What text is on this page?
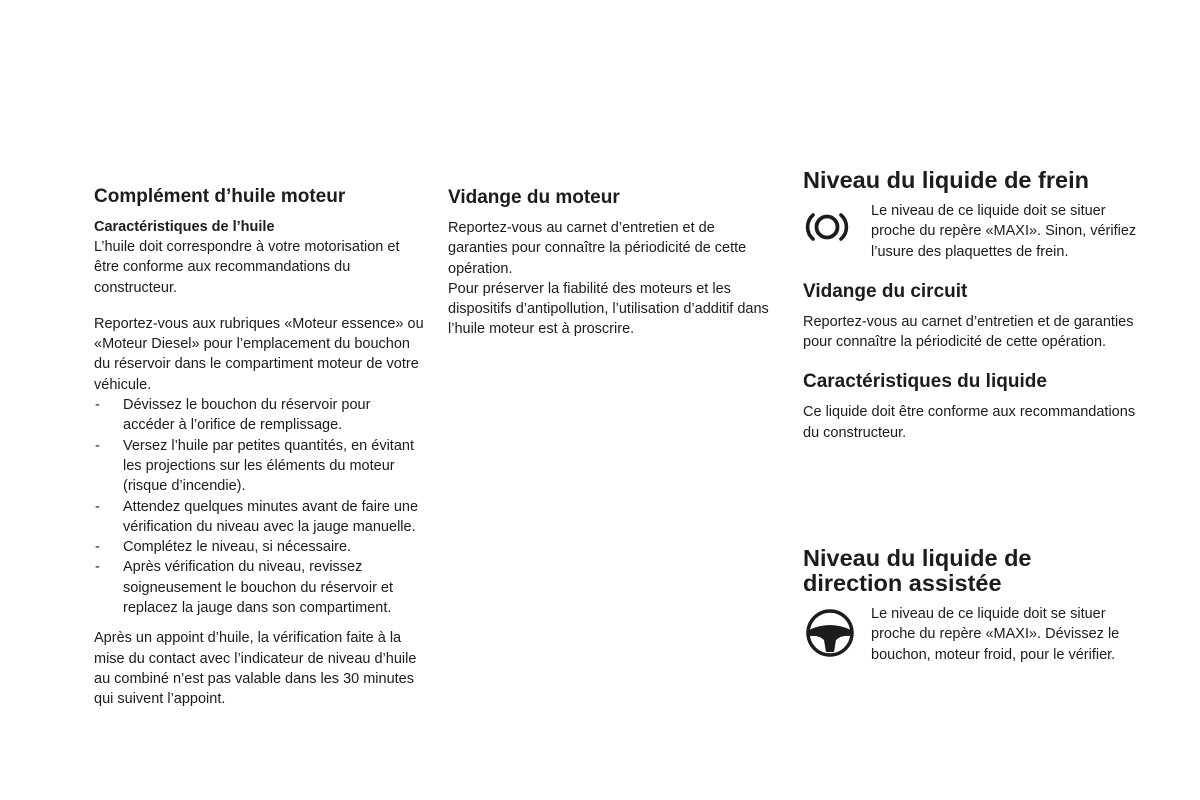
Complément d’huile moteur

Caractéristiques de l’huile

L’huile doit correspondre à votre motorisation et être conforme aux recommandations du constructeur.

Reportez-vous aux rubriques «Moteur essence» ou «Moteur Diesel» pour l’emplacement du bouchon du réservoir dans le compartiment moteur de votre véhicule.

- Dévissez le bouchon du réservoir pour accéder à l’orifice de remplissage.
- Versez l’huile par petites quantités, en évitant les projections sur les éléments du moteur (risque d’incendie).
- Attendez quelques minutes avant de faire une vérification du niveau avec la jauge manuelle.
- Complétez le niveau, si nécessaire.
- Après vérification du niveau, revissez soigneusement le bouchon du réservoir et replacez la jauge dans son compartiment.

Après un appoint d’huile, la vérification faite à la mise du contact avec l’indicateur de niveau d’huile au combiné n’est pas valable dans les 30 minutes qui suivent l’appoint.

Vidange du moteur

Reportez-vous au carnet d’entretien et de garanties pour connaître la périodicité de cette opération.

Pour préserver la fiabilité des moteurs et les dispositifs d’antipollution, l’utilisation d’additif dans l’huile moteur est à proscrire.

Niveau du liquide de frein

Le niveau de ce liquide doit se situer proche du repère «MAXI». Sinon, vérifiez l’usure des plaquettes de frein.

Vidange du circuit

Reportez-vous au carnet d’entretien et de garanties pour connaître la périodicité de cette opération.

Caractéristiques du liquide

Ce liquide doit être conforme aux recommandations du constructeur.

Niveau du liquide de
direction assistée

Le niveau de ce liquide doit se situer proche du repère «MAXI». Dévissez le bouchon, moteur froid, pour le vérifier.
